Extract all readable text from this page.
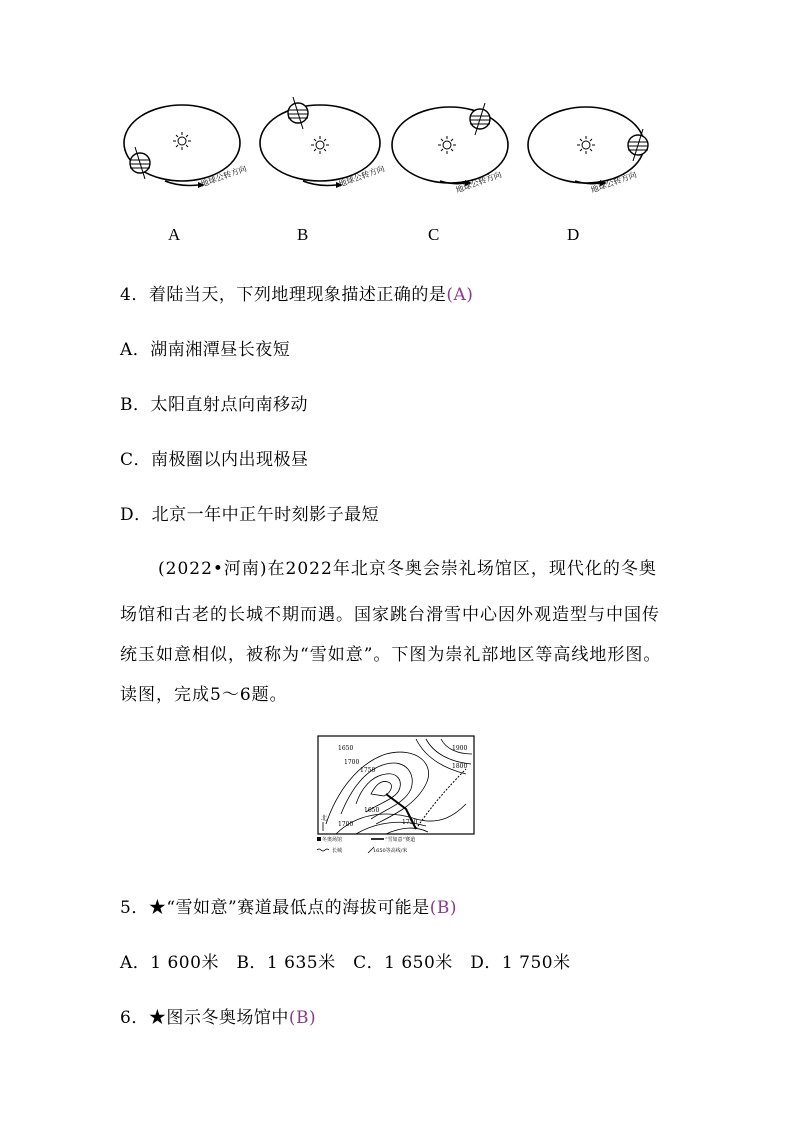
地球公转方向	地球公转方向	地球公转方向	地球公转方向
A	B	C	D
4．着陆当天，下列地理现象描述正确的是(A)
A．湖南湘潭昼长夜短
B．太阳直射点向南移动
C．南极圈以内出现极昼
D．北京一年中正午时刻影子最短
(2022•河南)在2022年北京冬奥会崇礼场馆区，现代化的冬奥
场馆和古老的长城不期而遇。国家跳台滑雪中心因外观造型与中国传
统玉如意相似，被称为“雪如意”。下图为崇礼部地区等高线地形图。
读图，完成5～6题。
1650
1700
1750
1800
1900
1650
1700	1750
北
冬奥场馆	“雪如意”赛道
长城	1650等高线/米
5．★“雪如意”赛道最低点的海拔可能是(B)
A．1 600米　B．1 635米　C．1 650米　D．1 750米
6．★图示冬奥场馆中(B)
